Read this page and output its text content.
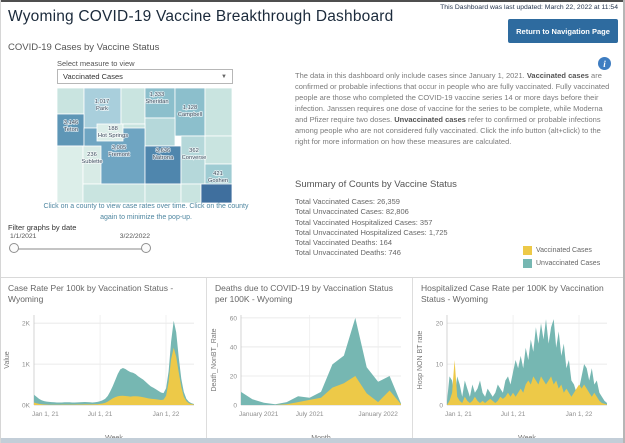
Wyoming COVID-19 Vaccine Breakthrough Dashboard
This Dashboard was last updated: March 22, 2022 at 11:54
Return to Navigation Page
COVID-19 Cases by Vaccine Status
Select measure to view
Vaccinated Cases	▼
1,017 Park
1,333 Sheridan
1,128 Campbell
3,146 Teton
3,005 Fremont
188 Hot Springs
236 Sublette
3,636 Natrona
362 Converse
421 Goshen
Click on a county to view case rates over time. Click on the county again to minimize the pop-up.
Filter graphs by date
1/1/2021	3/22/2022
i

The data in this dashboard only include cases since January 1, 2021. Vaccinated cases are confirmed or probable infections that occur in people who are fully vaccinated. Fully vaccinated people are those who completed the COVID-19 vaccine series 14 or more days before their infection. Janssen requires one dose of vaccine for the series to be complete, while Moderna and Pfizer require two doses. Unvaccinated cases refer to confirmed or probable infections among people who are not considered fully vaccinated. Click the info button (alt+click) to the right for more information on how these measures are calculated.

Summary of Counts by Vaccine Status
Total Vaccinated Cases: 26,359
Total Unvaccinated Cases: 82,806
Total Vaccinated Hospitalized Cases: 357
Total Unvaccinated Hospitalized Cases: 1,725
Total Vaccinated Deaths: 164
Total Unvaccinated Deaths: 746	Vaccinated Cases
Unvaccinated Cases
Case Rate Per 100k by Vaccination Status - Wyoming
0K
1K
2K
Jan 1, 21	Jul 1, 21	Jan 1, 22
Value
Deaths due to COVID-19 by Vaccination Status per 100K - Wyoming
0
20
40
60
January 2021	July 2021	January 2022
Death_NonBT_Rate
Hospitalized Case Rate per 100K by Vaccination Status - Wyoming
0
10
20
Jan 1, 21	Jul 1, 21	Jan 1, 22
Hosp NON BT rate
